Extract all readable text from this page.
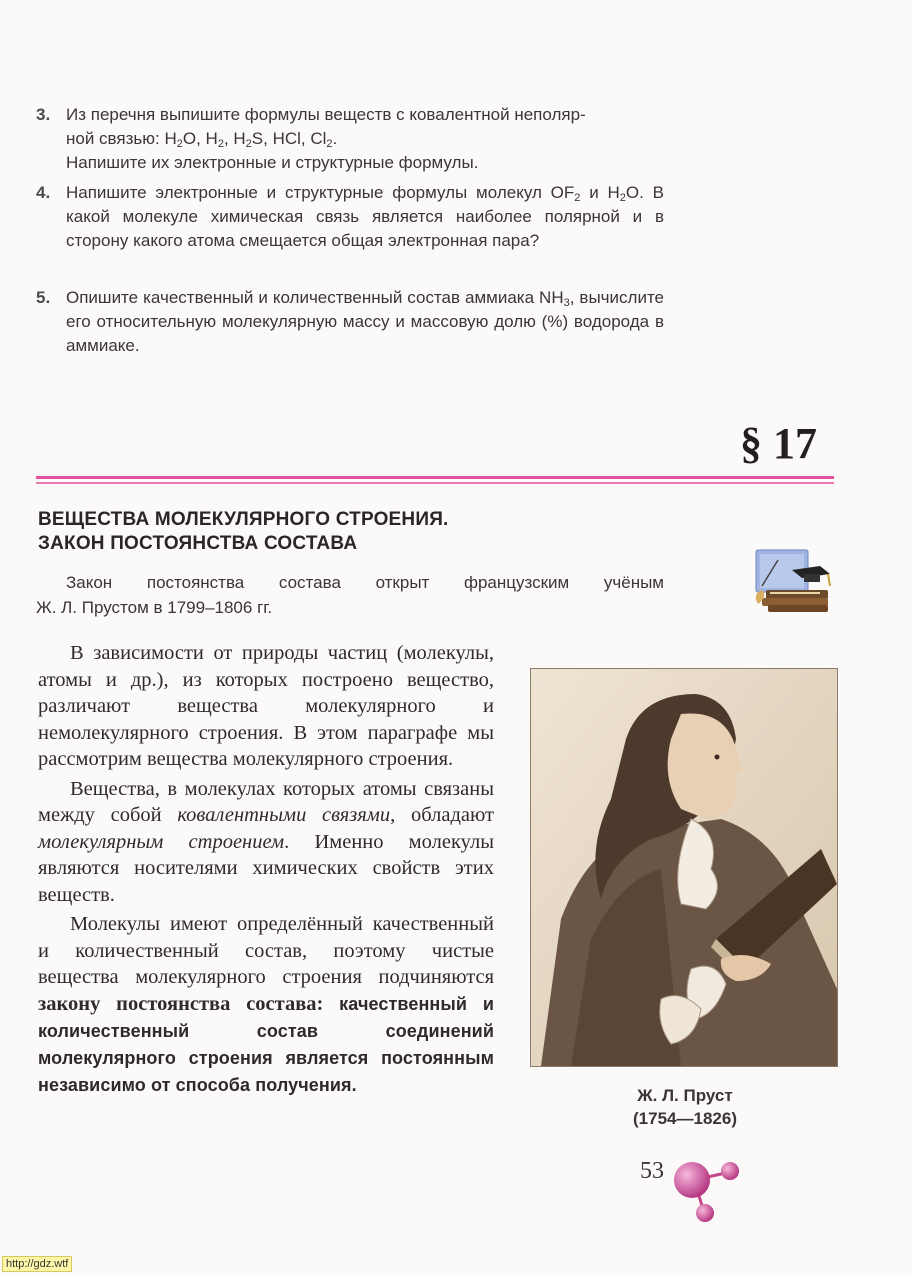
3. Из перечня выпишите формулы веществ с ковалентной неполяр-

ной связью: $H_2O$, $H_2$, $H_2S$, HCl, $Cl_2$.

Напишите их электронные и структурные формулы.

4. Напишите электронные и структурные формулы молекул $OF_2$ и $H_2O$. В какой молекуле химическая связь является наиболее полярной и в сторону какого атома смещается общая электронная пара?

5. Опишите качественный и количественный состав аммиака $NH_3$, вычислите его относительную молекулярную массу и массовую долю (%) водорода в аммиаке.

§ 17
ВЕЩЕСТВА МОЛЕКУЛЯРНОГО СТРОЕНИЯ.
ЗАКОН ПОСТОЯНСТВА СОСТАВА
Закон постоянства состава открыт французским учёным
Ж. Л. Прустом в 1799–1806 гг.

В зависимости от природы частиц (молекулы, атомы и др.), из которых построено вещество, различают вещества молекулярного и немолекулярного строения. В этом параграфе мы рассмотрим вещества молекулярного строения.

Вещества, в молекулах которых атомы связаны между собой ковалентными связями, обладают молекулярным строением. Именно молекулы являются носителями химических свойств этих веществ.

Молекулы имеют определённый качественный и количественный состав, поэтому чистые вещества молекулярного строения подчиняются закону постоянства состава: качественный и количественный состав соединений молекулярного строения является постоянным независимо от способа получения.

Ж. Л. Пруст
(1754—1826)
53
http://gdz.wtf
